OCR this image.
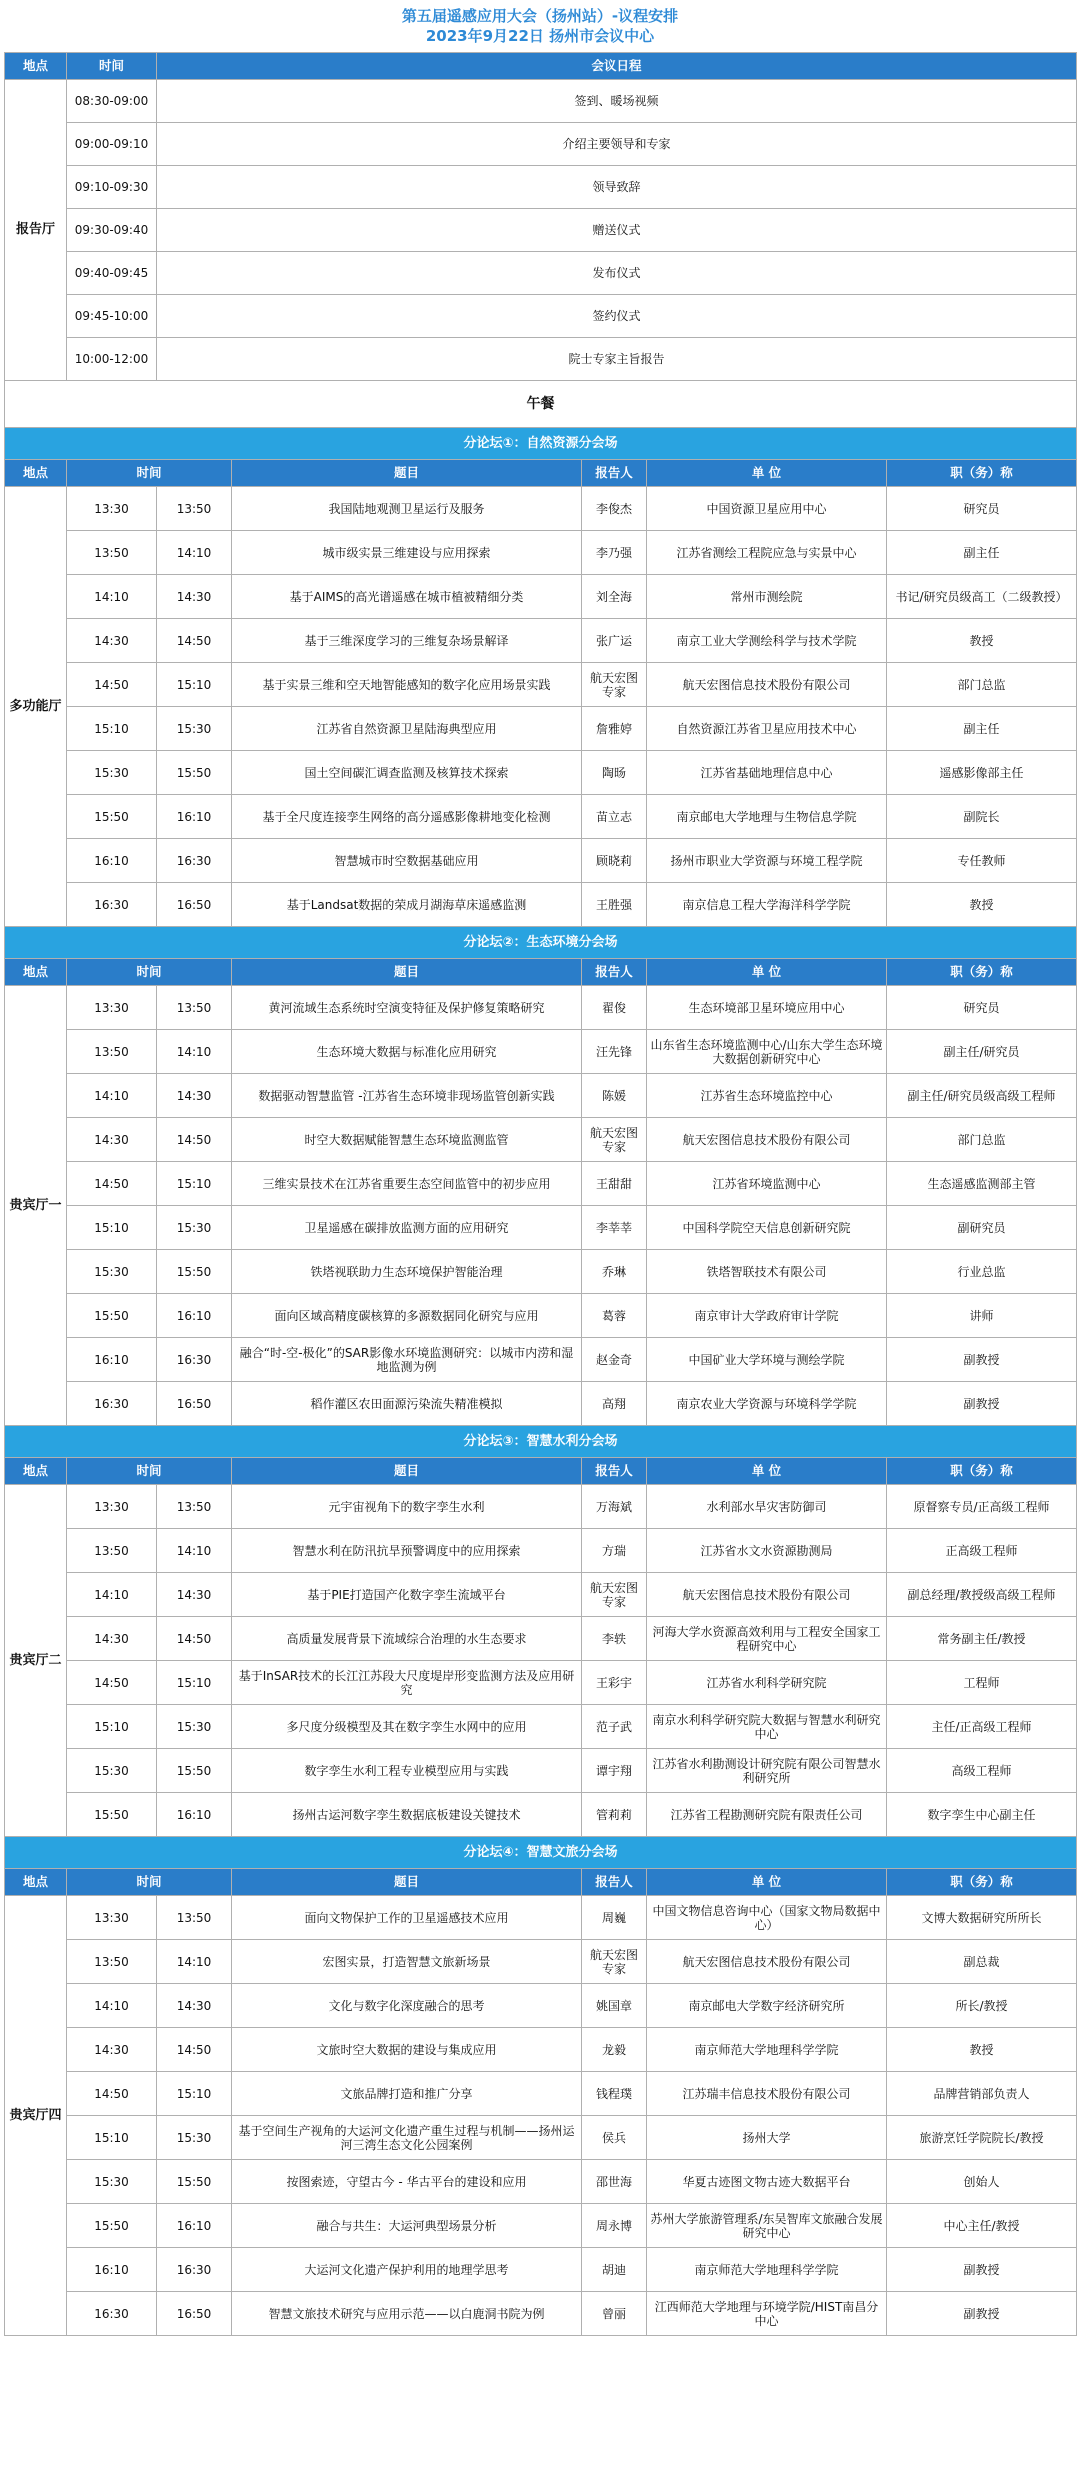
第五届遥感应用大会（扬州站）-议程安排
2023年9月22日 扬州市会议中心
地点	时间	会议日程				
报告厅	08:30-09:00	签到、暖场视频				
	09:00-09:10	介绍主要领导和专家				
	09:10-09:30	领导致辞				
	09:30-09:40	赠送仪式				
	09:40-09:45	发布仪式				
	09:45-10:00	签约仪式				
	10:00-12:00	院士专家主旨报告				
午餐						
分论坛①：自然资源分会场						
地点	时间		题目	报告人	单 位	职（务）称
多功能厅	13:30	13:50	我国陆地观测卫星运行及服务	李俊杰	中国资源卫星应用中心	研究员
	13:50	14:10	城市级实景三维建设与应用探索	李乃强	江苏省测绘工程院应急与实景中心	副主任
	14:10	14:30	基于AIMS的高光谱遥感在城市植被精细分类	刘全海	常州市测绘院	书记/研究员级高工（二级教授）
	14:30	14:50	基于三维深度学习的三维复杂场景解译	张广运	南京工业大学测绘科学与技术学院	教授
	14:50	15:10	基于实景三维和空天地智能感知的数字化应用场景实践	航天宏图专家	航天宏图信息技术股份有限公司	部门总监
	15:10	15:30	江苏省自然资源卫星陆海典型应用	詹雅婷	自然资源江苏省卫星应用技术中心	副主任
	15:30	15:50	国土空间碳汇调查监测及核算技术探索	陶旸	江苏省基础地理信息中心	遥感影像部主任
	15:50	16:10	基于全尺度连接孪生网络的高分遥感影像耕地变化检测	苗立志	南京邮电大学地理与生物信息学院	副院长
	16:10	16:30	智慧城市时空数据基础应用	顾晓莉	扬州市职业大学资源与环境工程学院	专任教师
	16:30	16:50	基于Landsat数据的荣成月湖海草床遥感监测	王胜强	南京信息工程大学海洋科学学院	教授
分论坛②：生态环境分会场						
地点	时间		题目	报告人	单 位	职（务）称
贵宾厅一	13:30	13:50	黄河流域生态系统时空演变特征及保护修复策略研究	翟俊	生态环境部卫星环境应用中心	研究员
	13:50	14:10	生态环境大数据与标准化应用研究	汪先锋	山东省生态环境监测中心/山东大学生态环境大数据创新研究中心	副主任/研究员
	14:10	14:30	数据驱动智慧监管 -江苏省生态环境非现场监管创新实践	陈媛	江苏省生态环境监控中心	副主任/研究员级高级工程师
	14:30	14:50	时空大数据赋能智慧生态环境监测监管	航天宏图专家	航天宏图信息技术股份有限公司	部门总监
	14:50	15:10	三维实景技术在江苏省重要生态空间监管中的初步应用	王甜甜	江苏省环境监测中心	生态遥感监测部主管
	15:10	15:30	卫星遥感在碳排放监测方面的应用研究	李莘莘	中国科学院空天信息创新研究院	副研究员
	15:30	15:50	铁塔视联助力生态环境保护智能治理	乔琳	铁塔智联技术有限公司	行业总监
	15:50	16:10	面向区域高精度碳核算的多源数据同化研究与应用	葛蓉	南京审计大学政府审计学院	讲师
	16:10	16:30	融合“时-空-极化”的SAR影像水环境监测研究：以城市内涝和湿地监测为例	赵金奇	中国矿业大学环境与测绘学院	副教授
	16:30	16:50	稻作灌区农田面源污染流失精准模拟	高翔	南京农业大学资源与环境科学学院	副教授
分论坛③：智慧水利分会场						
地点	时间		题目	报告人	单 位	职（务）称
贵宾厅二	13:30	13:50	元宇宙视角下的数字孪生水利	万海斌	水利部水旱灾害防御司	原督察专员/正高级工程师
	13:50	14:10	智慧水利在防汛抗旱预警调度中的应用探索	方瑞	江苏省水文水资源勘测局	正高级工程师
	14:10	14:30	基于PIE打造国产化数字孪生流域平台	航天宏图专家	航天宏图信息技术股份有限公司	副总经理/教授级高级工程师
	14:30	14:50	高质量发展背景下流域综合治理的水生态要求	李轶	河海大学水资源高效利用与工程安全国家工程研究中心	常务副主任/教授
	14:50	15:10	基于InSAR技术的长江江苏段大尺度堤岸形变监测方法及应用研究	王彩宇	江苏省水利科学研究院	工程师
	15:10	15:30	多尺度分级模型及其在数字孪生水网中的应用	范子武	南京水利科学研究院大数据与智慧水利研究中心	主任/正高级工程师
	15:30	15:50	数字孪生水利工程专业模型应用与实践	谭宇翔	江苏省水利勘测设计研究院有限公司智慧水利研究所	高级工程师
	15:50	16:10	扬州古运河数字孪生数据底板建设关键技术	管莉莉	江苏省工程勘测研究院有限责任公司	数字孪生中心副主任
分论坛④：智慧文旅分会场						
地点	时间		题目	报告人	单 位	职（务）称
贵宾厅四	13:30	13:50	面向文物保护工作的卫星遥感技术应用	周巍	中国文物信息咨询中心（国家文物局数据中心）	文博大数据研究所所长
	13:50	14:10	宏图实景，打造智慧文旅新场景	航天宏图专家	航天宏图信息技术股份有限公司	副总裁
	14:10	14:30	文化与数字化深度融合的思考	姚国章	南京邮电大学数字经济研究所	所长/教授
	14:30	14:50	文旅时空大数据的建设与集成应用	龙毅	南京师范大学地理科学学院	教授
	14:50	15:10	文旅品牌打造和推广分享	钱程璞	江苏瑞丰信息技术股份有限公司	品牌营销部负责人
	15:10	15:30	基于空间生产视角的大运河文化遗产重生过程与机制——扬州运河三湾生态文化公园案例	侯兵	扬州大学	旅游烹饪学院院长/教授
	15:30	15:50	按图索迹，守望古今 - 华古平台的建设和应用	邵世海	华夏古迹图文物古迹大数据平台	创始人
	15:50	16:10	融合与共生：大运河典型场景分析	周永博	苏州大学旅游管理系/东吴智库文旅融合发展研究中心	中心主任/教授
	16:10	16:30	大运河文化遗产保护利用的地理学思考	胡迪	南京师范大学地理科学学院	副教授
	16:30	16:50	智慧文旅技术研究与应用示范——以白鹿洞书院为例	曾丽	江西师范大学地理与环境学院/HIST南昌分中心	副教授
